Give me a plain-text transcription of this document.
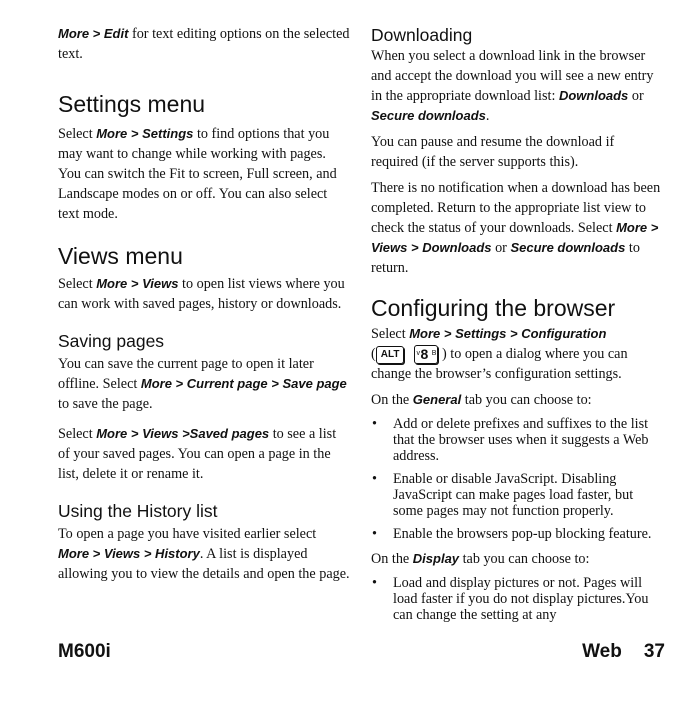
More > Edit for text editing options on the selected text.

Settings menu

Select More > Settings to find options that you may want to change while working with pages. You can switch the Fit to screen, Full screen, and Landscape modes on or off. You can also select text mode.

Views menu

Select More > Views to open list views where you can work with saved pages, history or downloads.

Saving pages

You can save the current page to open it later offline. Select More > Current page > Save page to save the page.

Select More > Views >Saved pages to see a list of your saved pages. You can open a page in the list, delete it or rename it.

Using the History list

To open a page you have visited earlier select More > Views > History. A list is displayed allowing you to view the details and open the page.

Downloading

When you select a download link in the browser and accept the download you will see a new entry in the appropriate download list: Downloads or Secure downloads.

You can pause and resume the download if required (if the server supports this).

There is no notification when a download has been completed. Return to the appropriate list view to check the status of your downloads. Select More > Views > Downloads or Secure downloads to return.

Configuring the browser

Select More > Settings > Configuration
( ALT v 8 B ) to open a dialog where you can change the browser’s configuration settings.

On the General tab you can choose to:

• Add or delete prefixes and suffixes to the list that the browser uses when it suggests a Web address.
• Enable or disable JavaScript. Disabling JavaScript can make pages load faster, but some pages may not function properly.
• Enable the browsers pop-up blocking feature.

On the Display tab you can choose to:

• Load and display pictures or not. Pages will load faster if you do not display pictures.You can change the setting at any
M600i	Web 37
